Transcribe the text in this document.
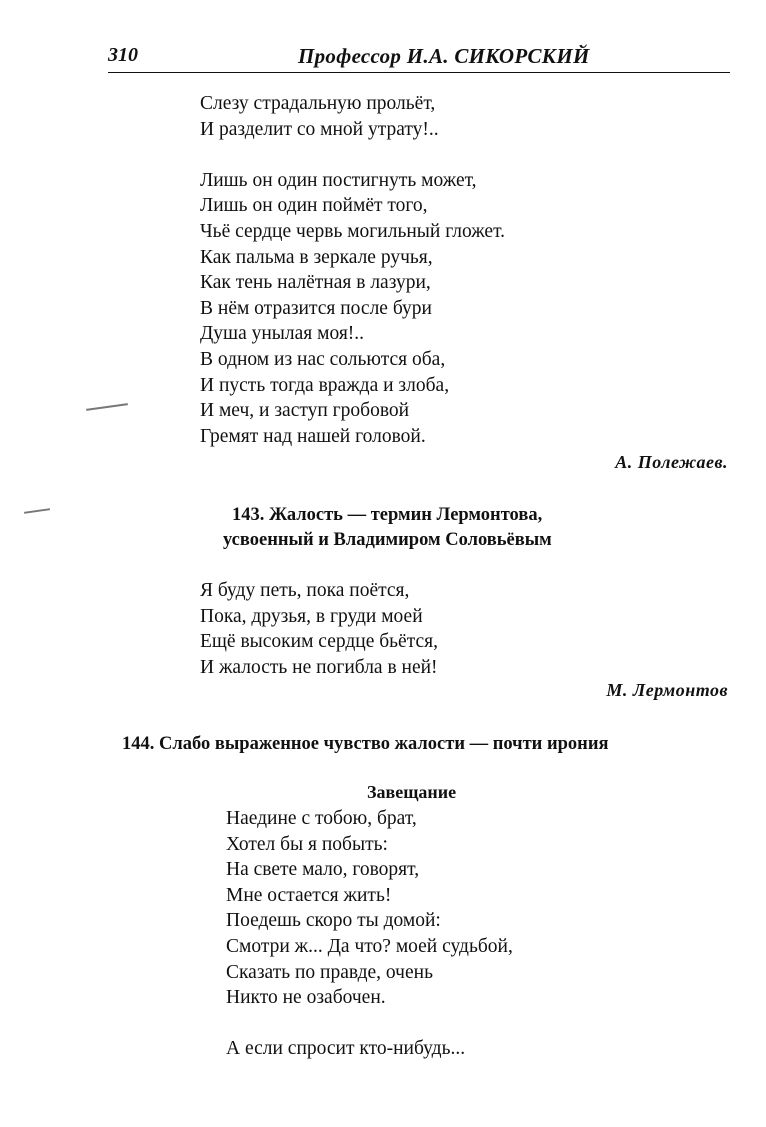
310	Профессор И.А. СИКОРСКИЙ
Слезу страдальную прольёт,
И разделит со мной утрату!..

Лишь он один постигнуть может,
Лишь он один поймёт того,
Чьё сердце червь могильный гложет.
Как пальма в зеркале ручья,
Как тень налётная в лазури,
В нём отразится после бури
Душа унылая моя!..
В одном из нас сольются оба,
И пусть тогда вражда и злоба,
И меч, и заступ гробовой
Гремят над нашей головой.
А. Полежаев.
143. Жалость — термин Лермонтова,
усвоенный и Владимиром Соловьёвым
Я буду петь, пока поётся,
Пока, друзья, в груди моей
Ещё высоким сердце бьётся,
И жалость не погибла в ней!
М. Лермонтов
144. Слабо выраженное чувство жалости — почти ирония
Завещание
Наедине с тобою, брат,
Хотел бы я побыть:
На свете мало, говорят,
Мне остается жить!
Поедешь скоро ты домой:
Смотри ж... Да что? моей судьбой,
Сказать по правде, очень
Никто не озабочен.

А если спросит кто-нибудь...
